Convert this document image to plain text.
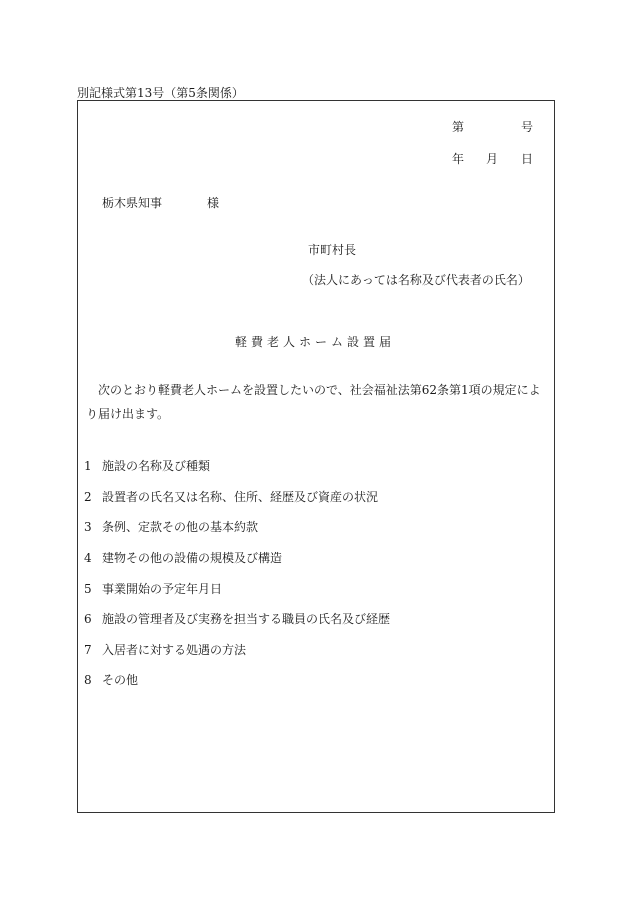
別記様式第13号（第5条関係）
第	号
年 月 日
栃木県知事	様
市町村長
（法人にあっては名称及び代表者の氏名）
軽費老人ホーム設置届
次のとおり軽費老人ホームを設置したいので、社会福祉法第62条第1項の規定により届け出ます。
1 施設の名称及び種類
2 設置者の氏名又は名称、住所、経歴及び資産の状況
3 条例、定款その他の基本約款
4 建物その他の設備の規模及び構造
5 事業開始の予定年月日
6 施設の管理者及び実務を担当する職員の氏名及び経歴
7 入居者に対する処遇の方法
8 その他
